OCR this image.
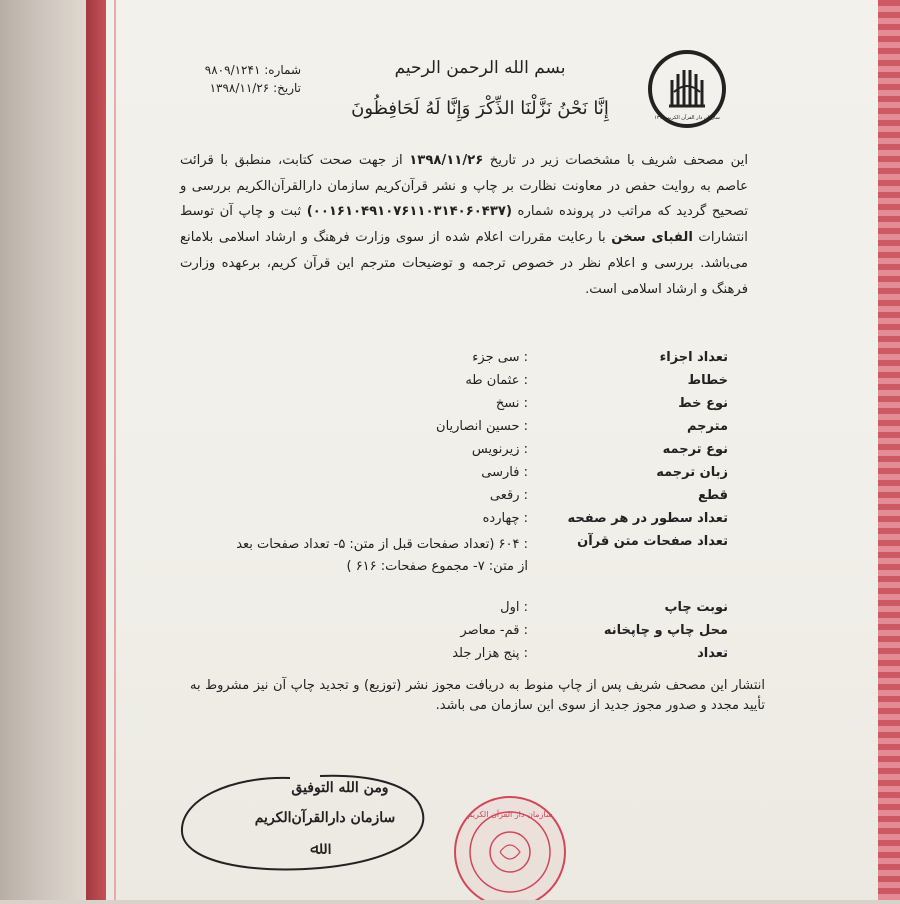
سازمان دار القرآن الکریم ۱۳۷۰
بسم الله الرحمن الرحیم
إِنَّا نَحْنُ نَزَّلْنَا الذِّكْرَ وَإِنَّا لَهُ لَحَافِظُونَ
شماره: ۹۸۰۹/۱۲۴۱
تاریخ: ۱۳۹۸/۱۱/۲۶
این مصحف شریف با مشخصات زیر در تاریخ ۱۳۹۸/۱۱/۲۶ از جهت صحت کتابت، منطبق با قرائت عاصم به روایت حفص در معاونت نظارت بر چاپ و نشر قرآن‌کریم سازمان دارالقرآن‌الکریم بررسی و تصحیح گردید که مراتب در پرونده شماره (۰۰۱۶۱۰۴۹۱۰۷۶۱۱۰۳۱۴۰۶۰۴۳۷) ثبت و چاپ آن توسط انتشارات الفبای سخن با رعایت مقررات اعلام شده از سوی وزارت فرهنگ و ارشاد اسلامی بلامانع می‌باشد. بررسی و اعلام نظر در خصوص ترجمه و توضیحات مترجم این قرآن کریم، برعهده وزارت فرهنگ و ارشاد اسلامی است.
تعداد اجزاء
: سی جزء
خطاط
: عثمان طه
نوع خط
: نسخ
مترجم
: حسین انصاریان
نوع ترجمه
: زیرنویس
زبان ترجمه
: فارسی
قطع
: رقعی
تعداد سطور در هر صفحه
: چهارده
تعداد صفحات متن قرآن
: ۶۰۴ (تعداد صفحات قبل از متن: ۵- تعداد صفحات بعد از متن: ۷- مجموع صفحات: ۶۱۶ )
نوبت چاپ
: اول
محل چاپ و چاپخانه
: قم- معاصر
تعداد
: پنج هزار جلد
انتشار این مصحف شریف پس از چاپ منوط به دریافت مجوز نشر (توزیع) و تجدید چاپ آن نیز مشروط به تأیید مجدد و صدور مجوز جدید از سوی این سازمان می باشد.
ومن الله التوفيق
سازمان دارالقرآن‌الکریم
ﷲ
سازمان دار القرآن الکریم
